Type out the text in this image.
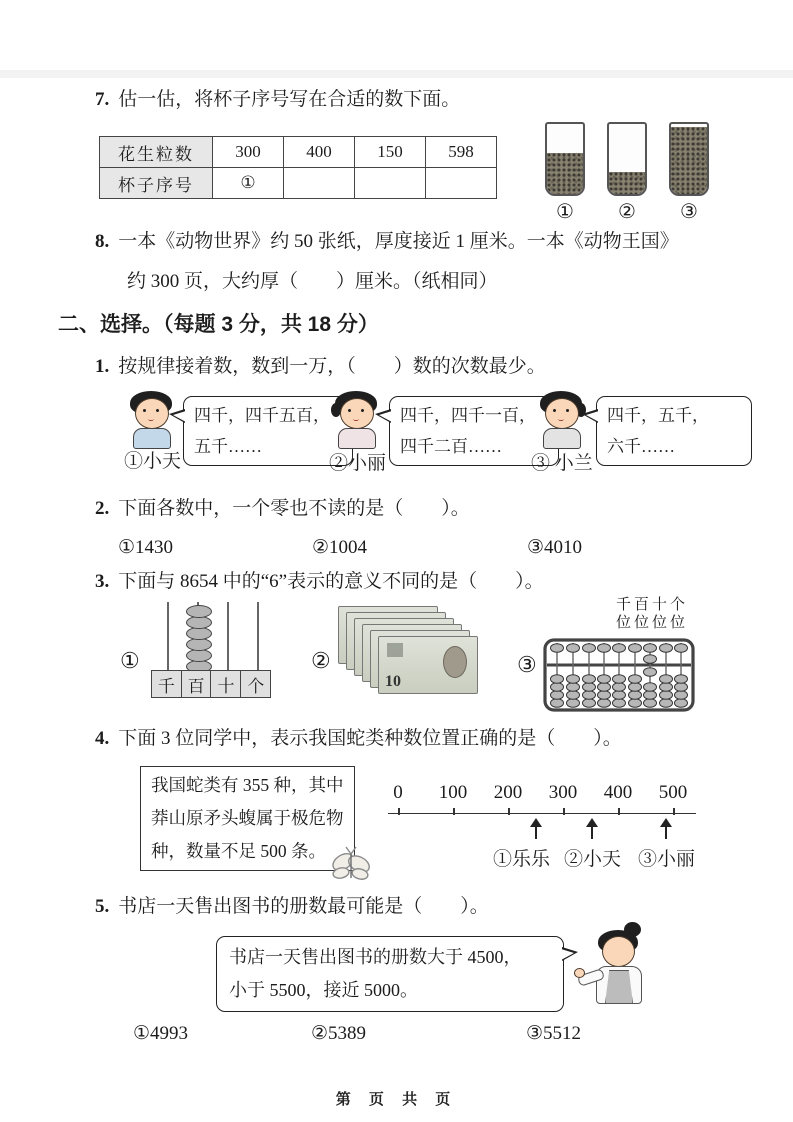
7. 估一估，将杯子序号写在合适的数下面。
花生粒数	300	400	150	598
杯子序号	①			
① ② ③
8. 一本《动物世界》约 50 张纸，厚度接近 1 厘米。一本《动物王国》
约 300 页，大约厚（　　）厘米。（纸相同）
二、选择。（每题 3 分，共 18 分）
1. 按规律接着数，数到一万，（　　）数的次数最少。
①小天
四千，四千五百，
五千……
②小丽
四千，四千一百，
四千二百……
③ 小兰
四千，五千，
六千……
2. 下面各数中，一个零也不读的是（　　）。
①1430	②1004	③4010
3. 下面与 8654 中的“6”表示的意义不同的是（　　）。
①
千 百 十 个
②
10
③
千百十个
位位位位
4. 下面 3 位同学中，表示我国蛇类种数位置正确的是（　　）。
我国蛇类有 355 种，其中
莽山原矛头蝮属于极危物
种，数量不足 500 条。
0 100 200 300 400 500
①乐乐 ②小天 ③小丽
5. 书店一天售出图书的册数最可能是（　　）。
书店一天售出图书的册数大于 4500，
小于 5500，接近 5000。
①4993	②5389	③5512
第 页 共 页
